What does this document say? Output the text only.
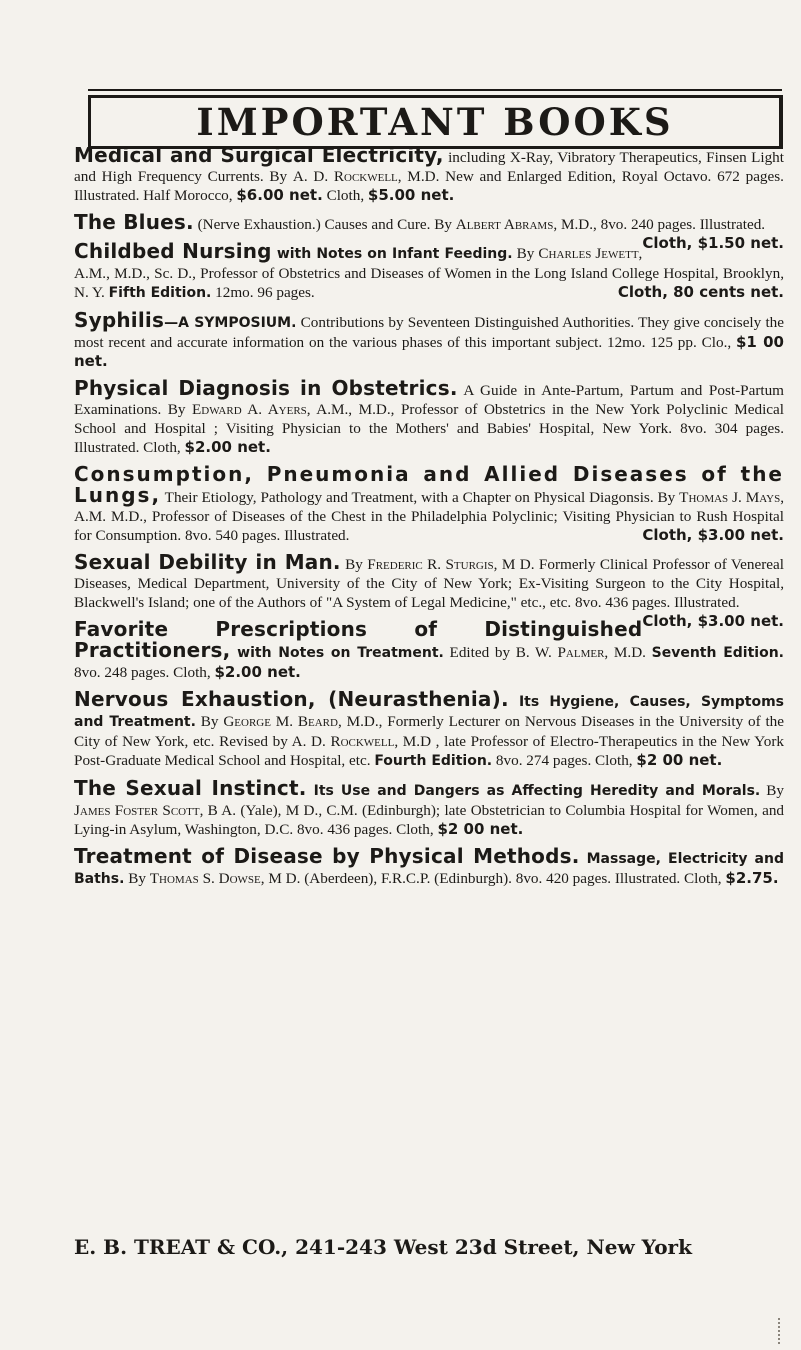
IMPORTANT BOOKS

Medical and Surgical Electricity, including X-Ray, Vibratory Therapeutics, Finsen Light and High Frequency Currents. By A. D. Rockwell, M.D. New and Enlarged Edition, Royal Octavo. 672 pages. Illustrated. Half Morocco, $6.00 net. Cloth, $5.00 net.

The Blues. (Nerve Exhaustion.) Causes and Cure. By Albert Abrams, M.D., 8vo. 240 pages. Illustrated.
Cloth, $1.50 net.

Childbed Nursing with Notes on Infant Feeding. By Charles Jewett, A.M., M.D., Sc. D., Professor of Obstetrics and Diseases of Women in the Long Island College Hospital, Brooklyn, N. Y. Fifth Edition. 12mo. 96 pages.	Cloth, 80 cents net.

Syphilis—A SYMPOSIUM. Contributions by Seventeen Distinguished Authorities. They give concisely the most recent and accurate information on the various phases of this important subject. 12mo. 125 pp. Clo., $1 00 net.

Physical Diagnosis in Obstetrics. A Guide in Ante-Partum, Partum and Post-Partum Examinations. By Edward A. Ayers, A.M., M.D., Professor of Obstetrics in the New York Polyclinic Medical School and Hospital ; Visiting Physician to the Mothers' and Babies' Hospital, New York. 8vo. 304 pages. Illustrated. Cloth, $2.00 net.

Consumption, Pneumonia and Allied Diseases of the Lungs, Their Etiology, Pathology and Treatment, with a Chapter on Physical Diagonsis. By Thomas J. Mays, A.M. M.D., Professor of Diseases of the Chest in the Philadelphia Polyclinic; Visiting Physician to Rush Hospital for Consumption. 8vo. 540 pages. Illustrated.	Cloth, $3.00 net.

Sexual Debility in Man. By Frederic R. Sturgis, M D. Formerly Clinical Professor of Venereal Diseases, Medical Department, University of the City of New York; Ex-Visiting Surgeon to the City Hospital, Blackwell's Island; one of the Authors of "A System of Legal Medicine," etc., etc. 8vo. 436 pages. Illustrated.
Cloth, $3.00 net.

Favorite Prescriptions of Distinguished Practitioners, with Notes on Treatment. Edited by B. W. Palmer, M.D. Seventh Edition. 8vo. 248 pages. Cloth, $2.00 net.

Nervous Exhaustion, (Neurasthenia). Its Hygiene, Causes, Symptoms and Treatment. By George M. Beard, M.D., Formerly Lecturer on Nervous Diseases in the University of the City of New York, etc. Revised by A. D. Rockwell, M.D , late Professor of Electro-Therapeutics in the New York Post-Graduate Medical School and Hospital, etc. Fourth Edition. 8vo. 274 pages. Cloth, $2 00 net.

The Sexual Instinct. Its Use and Dangers as Affecting Heredity and Morals. By James Foster Scott, B A. (Yale), M D., C.M. (Edinburgh); late Obstetrician to Columbia Hospital for Women, and Lying-in Asylum, Washington, D.C. 8vo. 436 pages. Cloth, $2 00 net.

Treatment of Disease by Physical Methods. Massage, Electricity and Baths. By Thomas S. Dowse, M D. (Aberdeen), F.R.C.P. (Edinburgh). 8vo. 420 pages. Illustrated. Cloth, $2.75.

E. B. TREAT & CO., 241-243 West 23d Street, New York
